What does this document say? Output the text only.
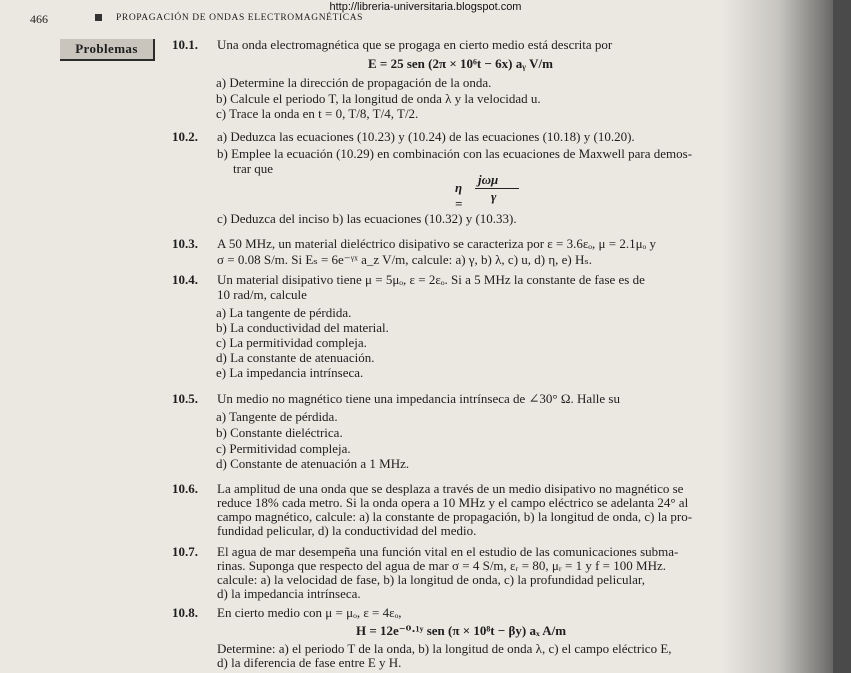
http://libreria-universitaria.blogspot.com
466	PROPAGACIÓN DE ONDAS ELECTROMAGNÉTICAS
Problemas	10.1. Una onda electromagnética que se progaga en cierto medio está descrita por
E = 25 sen (2π × 10⁶t − 6x) aᵧ V/m
a) Determine la dirección de propagación de la onda.
b) Calcule el periodo T, la longitud de onda λ y la velocidad u.
c) Trace la onda en t = 0, T/8, T/4, T/2.
10.2. a) Deduzca las ecuaciones (10.23) y (10.24) de las ecuaciones (10.18) y (10.20).
b) Emplee la ecuación (10.29) en combinación con las ecuaciones de Maxwell para demos-
trar que
η =
jωμ
γ
c) Deduzca del inciso b) las ecuaciones (10.32) y (10.33).
10.3. A 50 MHz, un material dieléctrico disipativo se caracteriza por ε = 3.6εₒ, μ = 2.1μₒ y
σ = 0.08 S/m. Si Eₛ = 6e⁻ᵞˣ a_z V/m, calcule: a) γ, b) λ, c) u, d) η, e) Hₛ.
10.4. Un material disipativo tiene μ = 5μₒ, ε = 2εₒ. Si a 5 MHz la constante de fase es de
10 rad/m, calcule
a) La tangente de pérdida.
b) La conductividad del material.
c) La permitividad compleja.
d) La constante de atenuación.
e) La impedancia intrínseca.
10.5. Un medio no magnético tiene una impedancia intrínseca de ∠30° Ω. Halle su
a) Tangente de pérdida.
b) Constante dieléctrica.
c) Permitividad compleja.
d) Constante de atenuación a 1 MHz.
10.6. La amplitud de una onda que se desplaza a través de un medio disipativo no magnético se
reduce 18% cada metro. Si la onda opera a 10 MHz y el campo eléctrico se adelanta 24° al
campo magnético, calcule: a) la constante de propagación, b) la longitud de onda, c) la pro-
fundidad pelicular, d) la conductividad del medio.
10.7. El agua de mar desempeña una función vital en el estudio de las comunicaciones subma-
rinas. Suponga que respecto del agua de mar σ = 4 S/m, εᵣ = 80, μᵣ = 1 y f = 100 MHz.
calcule: a) la velocidad de fase, b) la longitud de onda, c) la profundidad pelicular,
d) la impedancia intrínseca.
10.8. En cierto medio con μ = μₒ, ε = 4εₒ,
H = 12e⁻⁰·¹ʸ sen (π × 10⁸t − βy) aₓ A/m
Determine: a) el periodo T de la onda, b) la longitud de onda λ, c) el campo eléctrico E,
d) la diferencia de fase entre E y H.
